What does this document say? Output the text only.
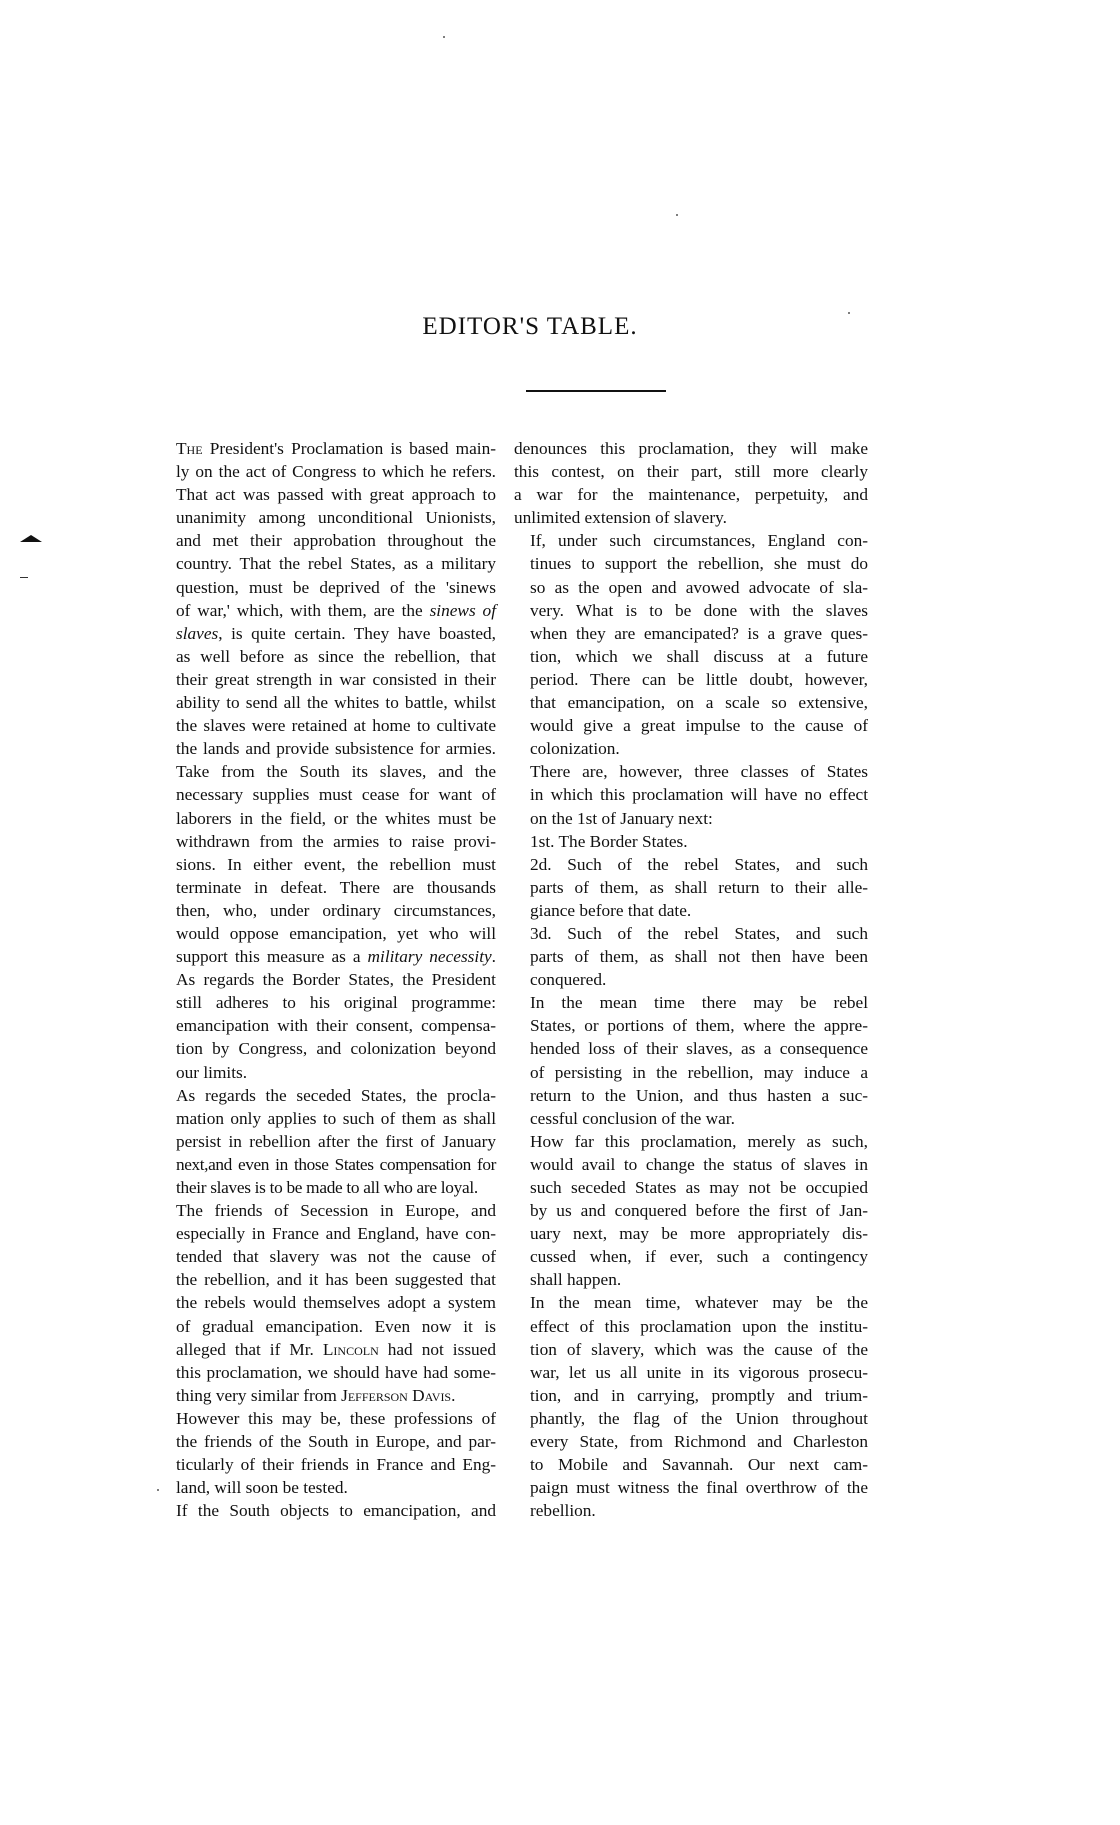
EDITOR'S TABLE.

The President's Proclamation is based main-
ly on the act of Congress to which he refers.
That act was passed with great approach to
unanimity among unconditional Unionists,
and met their approbation throughout the
country. That the rebel States, as a military
question, must be deprived of the 'sinews
of war,' which, with them, are the sinews of
slaves, is quite certain. They have boasted,
as well before as since the rebellion, that
their great strength in war consisted in their
ability to send all the whites to battle, whilst
the slaves were retained at home to cultivate
the lands and provide subsistence for armies.
Take from the South its slaves, and the
necessary supplies must cease for want of
laborers in the field, or the whites must be
withdrawn from the armies to raise provi-
sions. In either event, the rebellion must
terminate in defeat. There are thousands
then, who, under ordinary circumstances,
would oppose emancipation, yet who will
support this measure as a military necessity.
As regards the Border States, the President
still adheres to his original programme:
emancipation with their consent, compensa-
tion by Congress, and colonization beyond
our limits.

As regards the seceded States, the procla-
mation only applies to such of them as shall
persist in rebellion after the first of January
next,and even in those States compensation for
their slaves is to be made to all who are loyal.

The friends of Secession in Europe, and
especially in France and England, have con-
tended that slavery was not the cause of
the rebellion, and it has been suggested that
the rebels would themselves adopt a system
of gradual emancipation. Even now it is
alleged that if Mr. Lincoln had not issued
this proclamation, we should have had some-
thing very similar from Jefferson Davis.

However this may be, these professions of
the friends of the South in Europe, and par-
ticularly of their friends in France and Eng-
land, will soon be tested.

If the South objects to emancipation, and

denounces this proclamation, they will make
this contest, on their part, still more clearly
a war for the maintenance, perpetuity, and
unlimited extension of slavery.

If, under such circumstances, England con-
tinues to support the rebellion, she must do
so as the open and avowed advocate of sla-
very. What is to be done with the slaves
when they are emancipated? is a grave ques-
tion, which we shall discuss at a future
period. There can be little doubt, however,
that emancipation, on a scale so extensive,
would give a great impulse to the cause of
colonization.

There are, however, three classes of States
in which this proclamation will have no effect
on the 1st of January next:

1st. The Border States.

2d. Such of the rebel States, and such
parts of them, as shall return to their alle-
giance before that date.

3d. Such of the rebel States, and such
parts of them, as shall not then have been
conquered.

In the mean time there may be rebel
States, or portions of them, where the appre-
hended loss of their slaves, as a consequence
of persisting in the rebellion, may induce a
return to the Union, and thus hasten a suc-
cessful conclusion of the war.

How far this proclamation, merely as such,
would avail to change the status of slaves in
such seceded States as may not be occupied
by us and conquered before the first of Jan-
uary next, may be more appropriately dis-
cussed when, if ever, such a contingency
shall happen.

In the mean time, whatever may be the
effect of this proclamation upon the institu-
tion of slavery, which was the cause of the
war, let us all unite in its vigorous prosecu-
tion, and in carrying, promptly and trium-
phantly, the flag of the Union throughout
every State, from Richmond and Charleston
to Mobile and Savannah. Our next cam-
paign must witness the final overthrow of the
rebellion.
